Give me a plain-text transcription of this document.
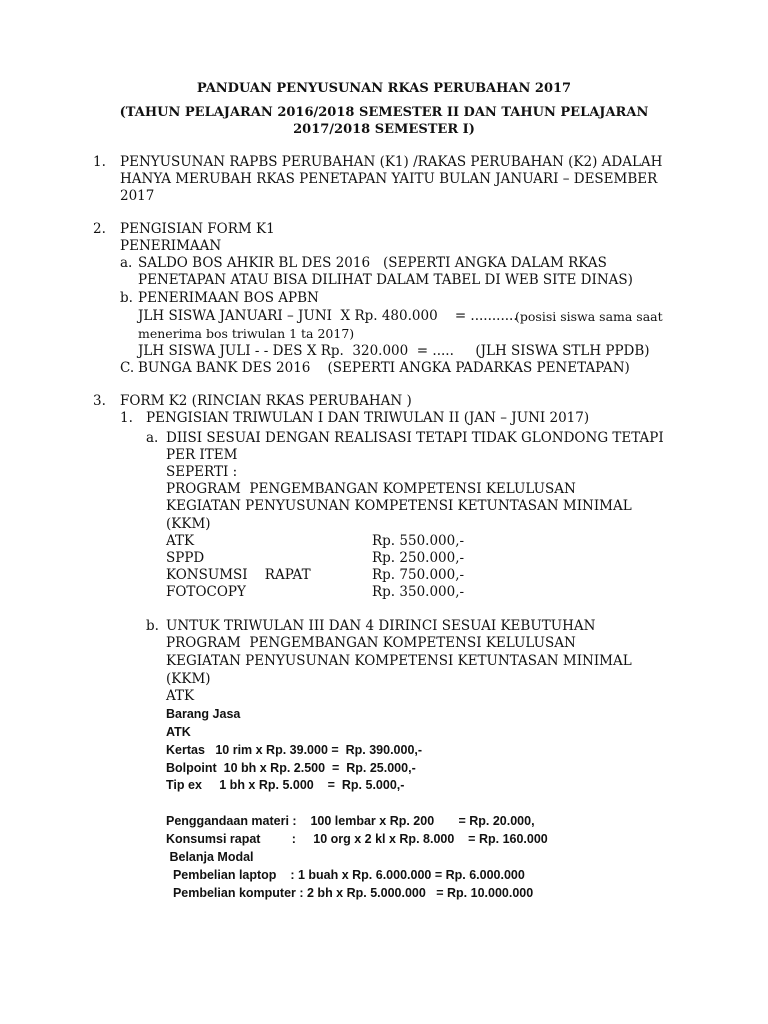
PANDUAN PENYUSUNAN RKAS PERUBAHAN 2017
(TAHUN PELAJARAN 2016/2018 SEMESTER II DAN TAHUN PELAJARAN
2017/2018 SEMESTER I)
1. PENYUSUNAN RAPBS PERUBAHAN (K1) /RAKAS PERUBAHAN (K2) ADALAH
HANYA MERUBAH RKAS PENETAPAN YAITU BULAN JANUARI – DESEMBER
2017
2. PENGISIAN FORM K1
PENERIMAAN
a. SALDO BOS AHKIR BL DES 2016   (SEPERTI ANGKA DALAM RKAS
PENETAPAN ATAU BISA DILIHAT DALAM TABEL DI WEB SITE DINAS)
b. PENERIMAAN BOS APBN
JLH SISWA JANUARI – JUNI  X Rp. 480.000    = ...........
(posisi siswa sama saat
menerima bos triwulan 1 ta 2017)
JLH SISWA JULI - - DES X Rp.  320.000  = .....     (JLH SISWA STLH PPDB)
C. BUNGA BANK DES 2016    (SEPERTI ANGKA PADARKAS PENETAPAN)
3. FORM K2 (RINCIAN RKAS PERUBAHAN )
1. PENGISIAN TRIWULAN I DAN TRIWULAN II (JAN – JUNI 2017)
a. DIISI SESUAI DENGAN REALISASI TETAPI TIDAK GLONDONG TETAPI
PER ITEM
SEPERTI :
PROGRAM  PENGEMBANGAN KOMPETENSI KELULUSAN
KEGIATAN PENYUSUNAN KOMPETENSI KETUNTASAN MINIMAL
(KKM)
ATK	Rp. 550.000,-
SPPD	Rp. 250.000,-
KONSUMSI    RAPAT	Rp. 750.000,-
FOTOCOPY	Rp. 350.000,-
b. UNTUK TRIWULAN III DAN 4 DIRINCI SESUAI KEBUTUHAN
PROGRAM  PENGEMBANGAN KOMPETENSI KELULUSAN
KEGIATAN PENYUSUNAN KOMPETENSI KETUNTASAN MINIMAL
(KKM)
ATK
Barang Jasa
ATK
Kertas   10 rim x Rp. 39.000 =  Rp. 390.000,-
Bolpoint  10 bh x Rp. 2.500  =  Rp. 25.000,-
Tip ex     1 bh x Rp. 5.000    =  Rp. 5.000,-
Penggandaan materi :    100 lembar x Rp. 200       = Rp. 20.000,
Konsumsi rapat         :     10 org x 2 kl x Rp. 8.000    = Rp. 160.000
Belanja Modal
Pembelian laptop    : 1 buah x Rp. 6.000.000 = Rp. 6.000.000
Pembelian komputer : 2 bh x Rp. 5.000.000   = Rp. 10.000.000
